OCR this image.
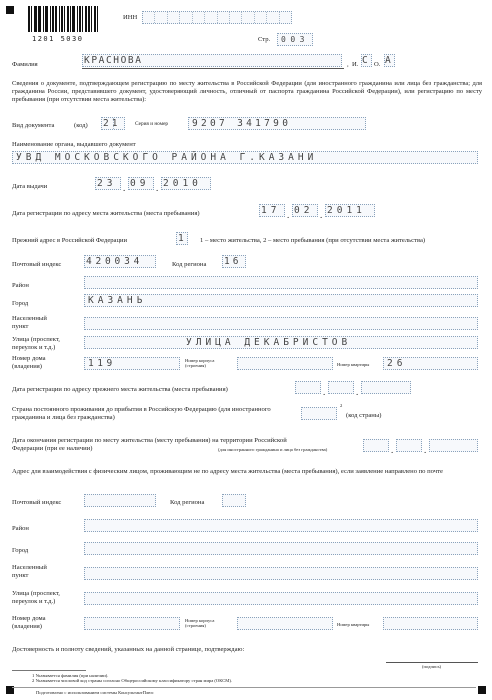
1201 5030
ИНН
Стр. 003
Фамилия	КРАСНОВА	, И. С О. А
Сведения о документе, подтверждающем регистрацию по месту жительства в Российской Федерации (для иностранного гражданина или лица без гражданства; для гражданина России, представившего документ, удостоверяющий личность, отличный от паспорта гражданина Российской Федерации), или регистрацию по месту пребывания (при отсутствии места жительства):
Вид документа	(код) 21	Серия и номер	9207 341790
Наименование органа, выдавшего документ
УВД МОСКОВСКОГО РАЙОНА Г.КАЗАНИ
Дата выдачи	23 . 09 . 2010
Дата регистрации по адресу места жительства (места пребывания)	17 . 02 . 2011
Прежний адрес в Российской Федерации	1 1 – место жительства, 2 – место пребывания (при отсутствии места жительства)
Почтовый индекс	420034	Код региона 16
Район
Город	КАЗАНЬ
Населенный пункт
Улица (проспект, переулок и т.д.)	УЛИЦА ДЕКАБРИСТОВ
Номер дома (владения)	119	Номер корпуса (строения)	Номер квартиры 26
Дата регистрации по адресу прежнего места жительства (места пребывания)	.	.
Страна постоянного проживания до прибытия в Российскую Федерацию (для иностранного гражданина и лица без гражданства)
2
(код страны)
Дата окончания регистрации по месту жительства (месту пребывания) на территории Российской Федерации (при ее наличии)	(для иностранного гражданина и лица без гражданства)	.	.
Адрес для взаимодействия с физическим лицом, проживающим не по адресу места жительства (места пребывания), если заявление направлено по почте
Почтовый индекс	Код региона
Район
Город
Населенный пункт
Улица (проспект, переулок и т.д.)
Номер дома (владения)
Номер корпуса (строения)	Номер квартиры
Достоверность и полноту сведений, указанных на данной странице, подтверждаю:
(подпись)
1 Указывается фамилия (при наличии).
2 Указывается числовой код страны согласно Общероссийскому классификатору стран мира (ОКСМ).
Подготовлено с использованием системы КонсультантПлюс
